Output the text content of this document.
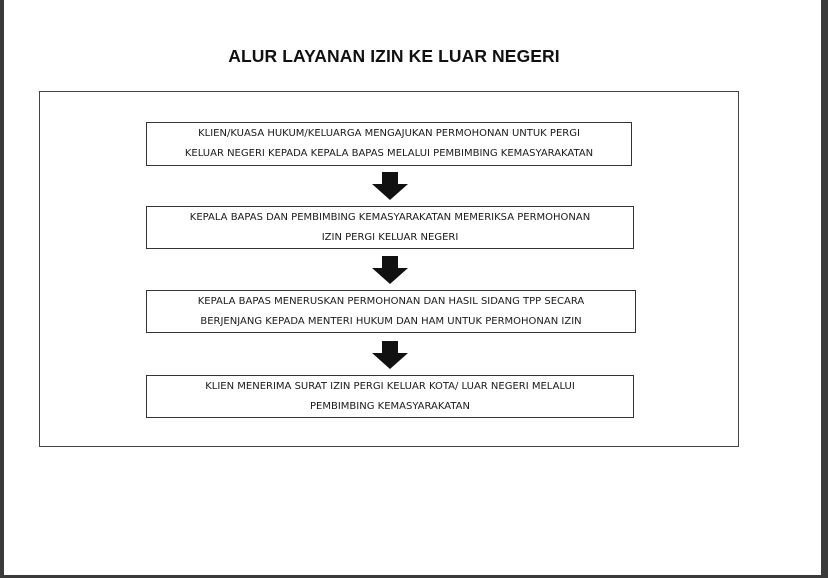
ALUR LAYANAN IZIN KE LUAR NEGERI
KLIEN/KUASA HUKUM/KELUARGA MENGAJUKAN PERMOHONAN UNTUK PERGI
KELUAR NEGERI KEPADA KEPALA BAPAS MELALUI PEMBIMBING KEMASYARAKATAN
KEPALA BAPAS DAN PEMBIMBING KEMASYARAKATAN MEMERIKSA PERMOHONAN
IZIN PERGI KELUAR NEGERI
KEPALA BAPAS MENERUSKAN PERMOHONAN DAN HASIL SIDANG TPP SECARA
BERJENJANG KEPADA MENTERI HUKUM DAN HAM UNTUK PERMOHONAN IZIN
KLIEN MENERIMA SURAT IZIN PERGI KELUAR KOTA/ LUAR NEGERI MELALUI
PEMBIMBING KEMASYARAKATAN
